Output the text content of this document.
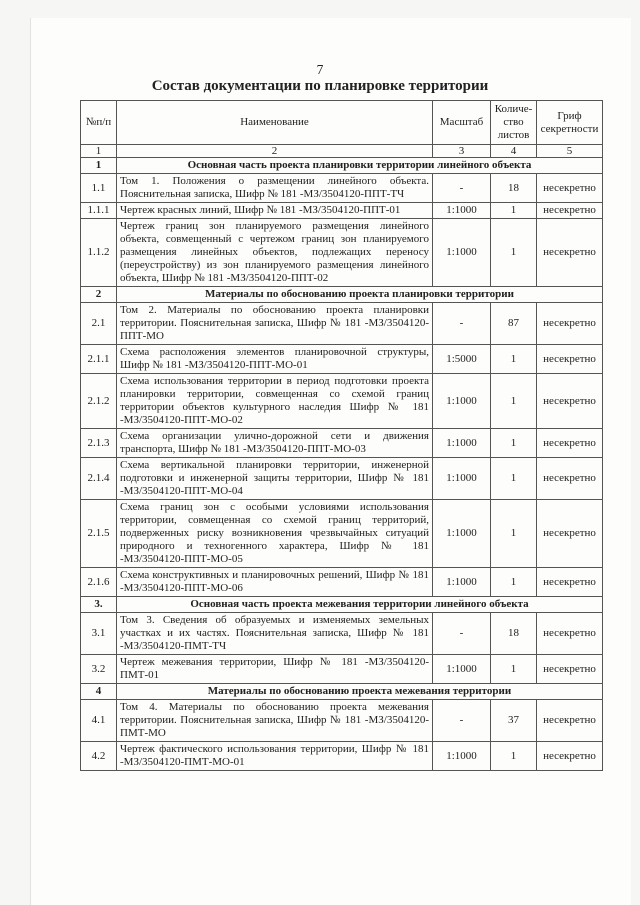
7
Состав документации по планировке территории
№п/п	Наименование	Масштаб	Количе-ство листов	Гриф секретности
1	2	3	4	5
1	Основная часть проекта планировки территории линейного объекта			
1.1	Том 1. Положения о размещении линейного объекта. Пояснительная записка, Шифр № 181 -МЗ/3504120-ППТ-ТЧ	-	18	несекретно
1.1.1	Чертеж красных линий, Шифр № 181 -МЗ/3504120-ППТ-01	1:1000	1	несекретно
1.1.2	Чертеж границ зон планируемого размещения линейного объекта, совмещенный с чертежом границ зон планируемого размещения линейных объектов, подлежащих переносу (переустройству) из зон планируемого размещения линейного объекта, Шифр № 181 -МЗ/3504120-ППТ-02	1:1000	1	несекретно
2	Материалы по обоснованию проекта планировки территории			
2.1	Том 2. Материалы по обоснованию проекта планировки территории. Пояснительная записка, Шифр № 181 -МЗ/3504120-ППТ-МО	-	87	несекретно
2.1.1	Схема расположения элементов планировочной структуры, Шифр № 181 -МЗ/3504120-ППТ-МО-01	1:5000	1	несекретно
2.1.2	Схема использования территории в период подготовки проекта планировки территории, совмещенная со схемой границ территории объектов культурного наследия Шифр № 181 -МЗ/3504120-ППТ-МО-02	1:1000	1	несекретно
2.1.3	Схема организации улично-дорожной сети и движения транспорта, Шифр № 181 -МЗ/3504120-ППТ-МО-03	1:1000	1	несекретно
2.1.4	Схема вертикальной планировки территории, инженерной подготовки и инженерной защиты территории, Шифр № 181 -МЗ/3504120-ППТ-МО-04	1:1000	1	несекретно
2.1.5	Схема границ зон с особыми условиями использования территории, совмещенная со схемой границ территорий, подверженных риску возникновения чрезвычайных ситуаций природного и техногенного характера, Шифр № 181 -МЗ/3504120-ППТ-МО-05	1:1000	1	несекретно
2.1.6	Схема конструктивных и планировочных решений, Шифр № 181 -МЗ/3504120-ППТ-МО-06	1:1000	1	несекретно
3.	Основная часть проекта межевания территории линейного объекта			
3.1	Том 3. Сведения об образуемых и изменяемых земельных участках и их частях. Пояснительная записка, Шифр № 181 -МЗ/3504120-ПМТ-ТЧ	-	18	несекретно
3.2	Чертеж межевания территории, Шифр № 181 -МЗ/3504120-ПМТ-01	1:1000	1	несекретно
4	Материалы по обоснованию проекта межевания территории			
4.1	Том 4. Материалы по обоснованию проекта межевания территории. Пояснительная записка, Шифр № 181 -МЗ/3504120-ПМТ-МО	-	37	несекретно
4.2	Чертеж фактического использования территории, Шифр № 181 -МЗ/3504120-ПМТ-МО-01	1:1000	1	несекретно
